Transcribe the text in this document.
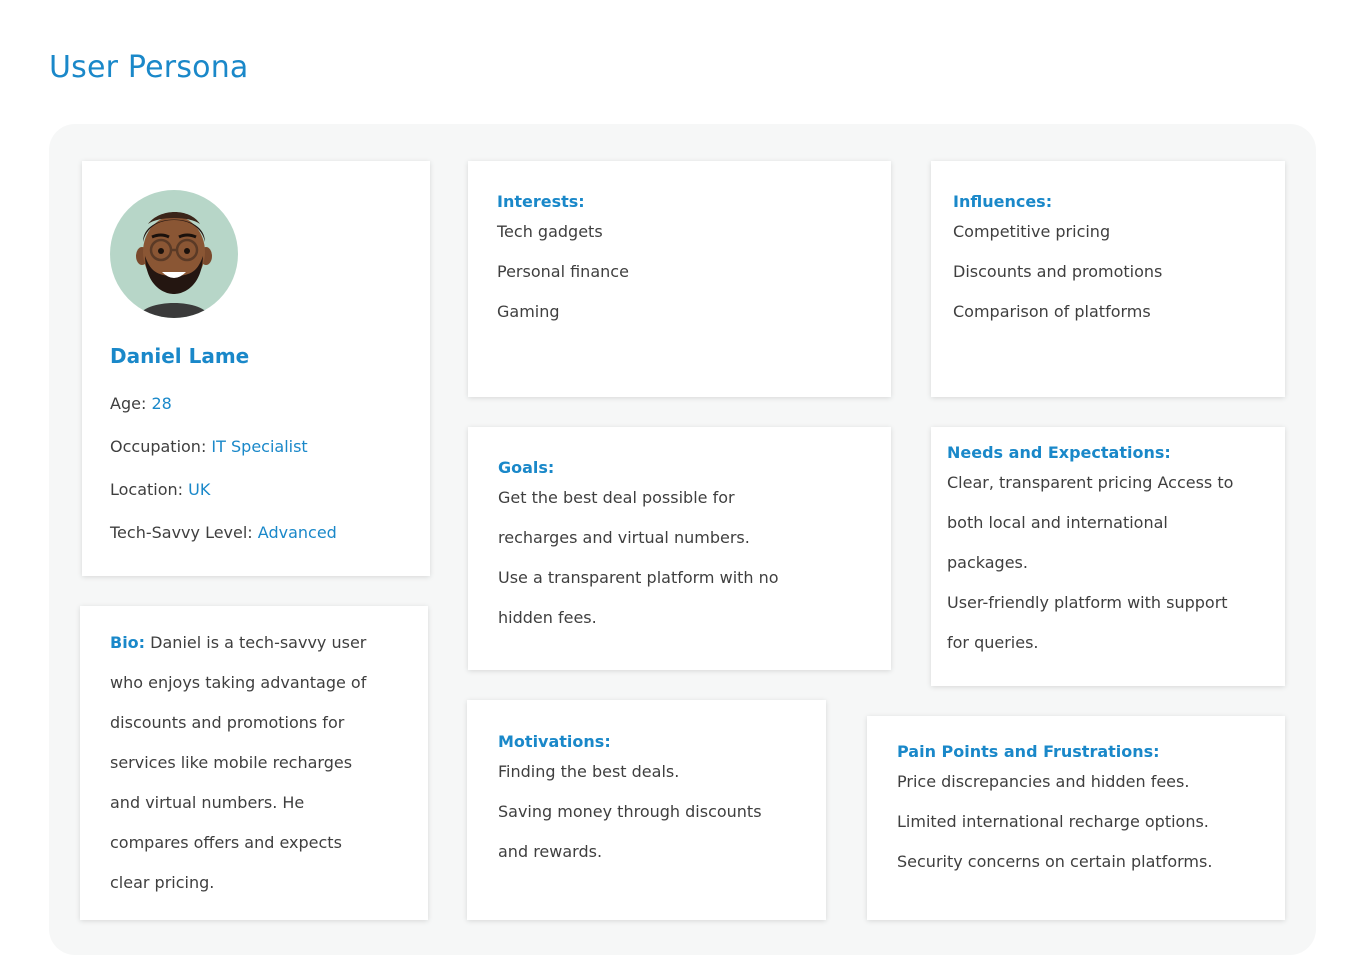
User Persona
Daniel Lame
Age: 28
Occupation: IT Specialist
Location: UK
Tech-Savvy Level: Advanced

Bio: Daniel is a tech-savvy user
who enjoys taking advantage of
discounts and promotions for
services like mobile recharges
and virtual numbers. He
compares offers and expects
clear pricing.

Interests:
Tech gadgets
Personal finance
Gaming
Influences:
Competitive pricing
Discounts and promotions
Comparison of platforms
Goals:
Get the best deal possible for
recharges and virtual numbers.
Use a transparent platform with no
hidden fees.
Needs and Expectations:
Clear, transparent pricing Access to
both local and international
packages.
User-friendly platform with support
for queries.
Motivations:
Finding the best deals.
Saving money through discounts
and rewards.
Pain Points and Frustrations:
Price discrepancies and hidden fees.
Limited international recharge options.
Security concerns on certain platforms.
